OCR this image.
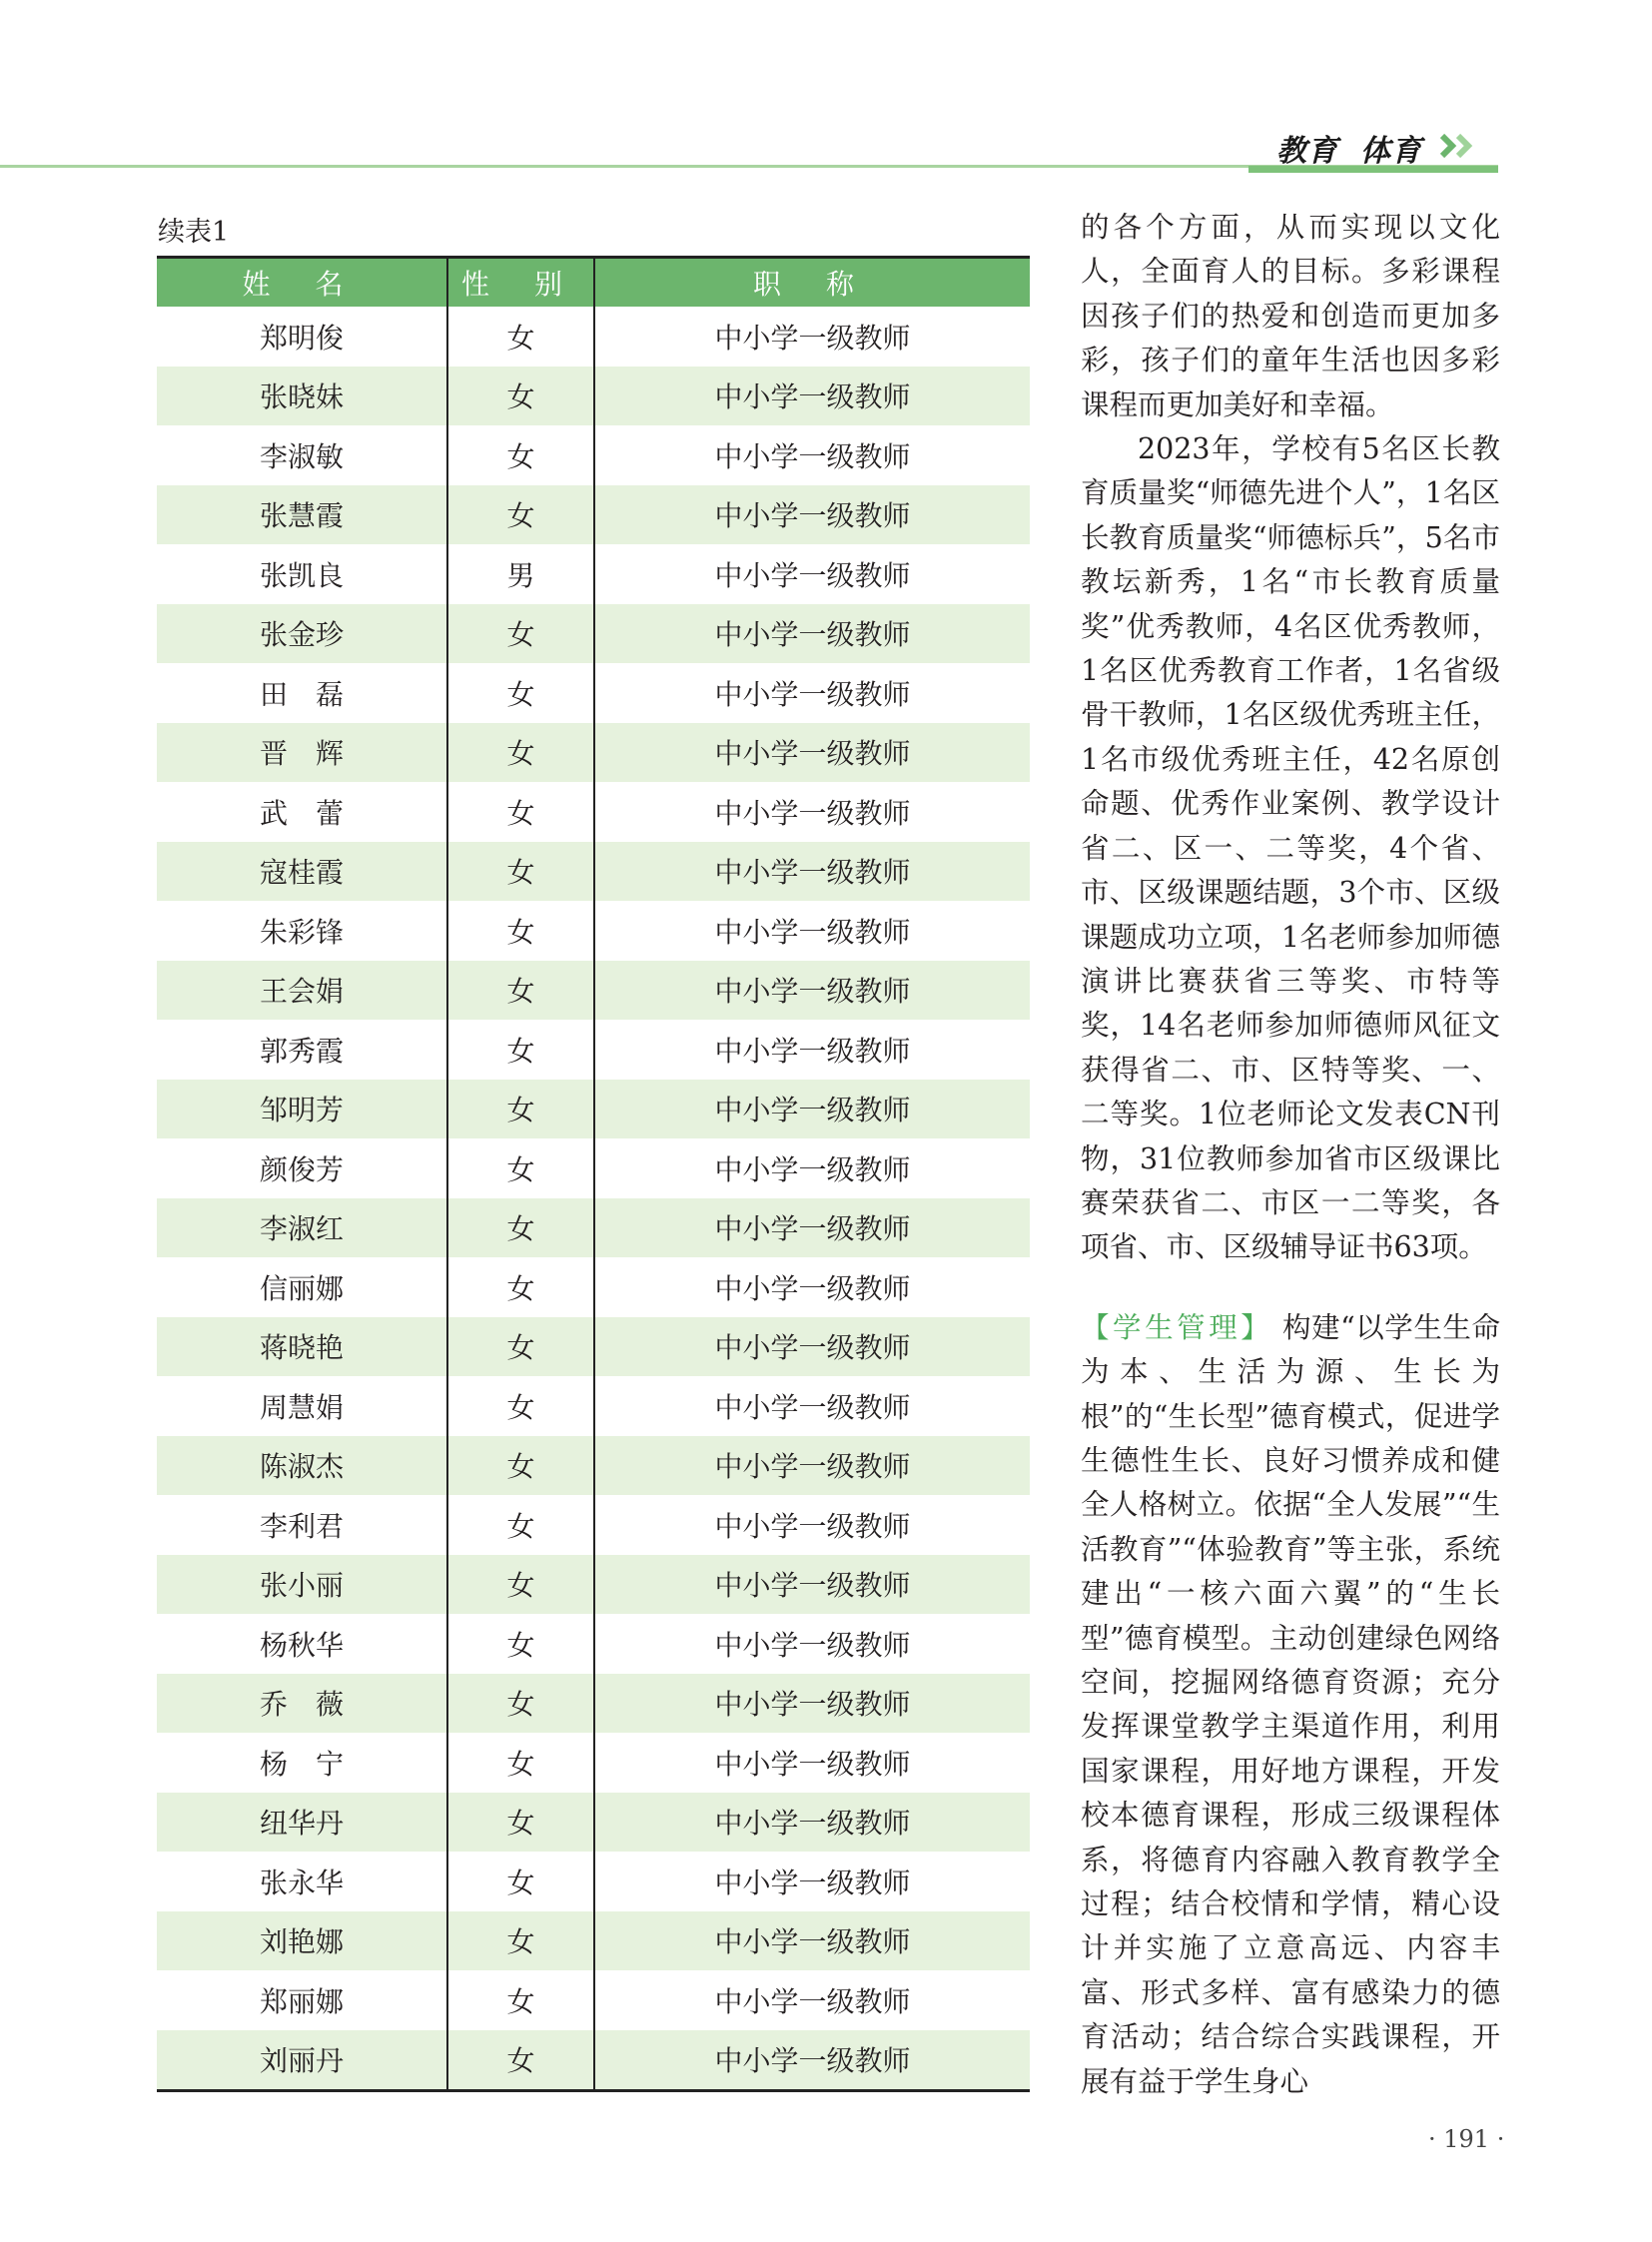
教育 体育
续表1
姓 名	性 别	职 称
郑明俊	女	中小学一级教师
张晓妹	女	中小学一级教师
李淑敏	女	中小学一级教师
张慧霞	女	中小学一级教师
张凯良	男	中小学一级教师
张金珍	女	中小学一级教师
田　磊	女	中小学一级教师
晋　辉	女	中小学一级教师
武　蕾	女	中小学一级教师
寇桂霞	女	中小学一级教师
朱彩锋	女	中小学一级教师
王会娟	女	中小学一级教师
郭秀霞	女	中小学一级教师
邹明芳	女	中小学一级教师
颜俊芳	女	中小学一级教师
李淑红	女	中小学一级教师
信丽娜	女	中小学一级教师
蒋晓艳	女	中小学一级教师
周慧娟	女	中小学一级教师
陈淑杰	女	中小学一级教师
李利君	女	中小学一级教师
张小丽	女	中小学一级教师
杨秋华	女	中小学一级教师
乔　薇	女	中小学一级教师
杨　宁	女	中小学一级教师
纽华丹	女	中小学一级教师
张永华	女	中小学一级教师
刘艳娜	女	中小学一级教师
郑丽娜	女	中小学一级教师
刘丽丹	女	中小学一级教师

的各个方面，从而实现以文化人，全面育人的目标。多彩课程因孩子们的热爱和创造而更加多彩，孩子们的童年生活也因多彩课程而更加美好和幸福。

2023年，学校有5名区长教育质量奖“师德先进个人”，1名区长教育质量奖“师德标兵”，5名市教坛新秀，1名“市长教育质量奖”优秀教师，4名区优秀教师，1名区优秀教育工作者，1名省级骨干教师，1名区级优秀班主任，1名市级优秀班主任，42名原创命题、优秀作业案例、教学设计省二、区一、二等奖，4个省、市、区级课题结题，3个市、区级课题成功立项，1名老师参加师德演讲比赛获省三等奖、市特等奖，14名老师参加师德师风征文获得省二、市、区特等奖、一、二等奖。1位老师论文发表CN刊物，31位教师参加省市区级课比赛荣获省二、市区一二等奖，各项省、市、区级辅导证书63项。

【学生管理】 构建“以学生生命为本、生活为源、生长为根”的“生长型”德育模式，促进学生德性生长、良好习惯养成和健全人格树立。依据“全人发展”“生活教育”“体验教育”等主张，系统建出“一核六面六翼”的“生长型”德育模型。主动创建绿色网络空间，挖掘网络德育资源；充分发挥课堂教学主渠道作用，利用国家课程，用好地方课程，开发校本德育课程，形成三级课程体系，将德育内容融入教育教学全过程；结合校情和学情，精心设计并实施了立意高远、内容丰富、形式多样、富有感染力的德育活动；结合综合实践课程，开展有益于学生身心

· 191 ·
